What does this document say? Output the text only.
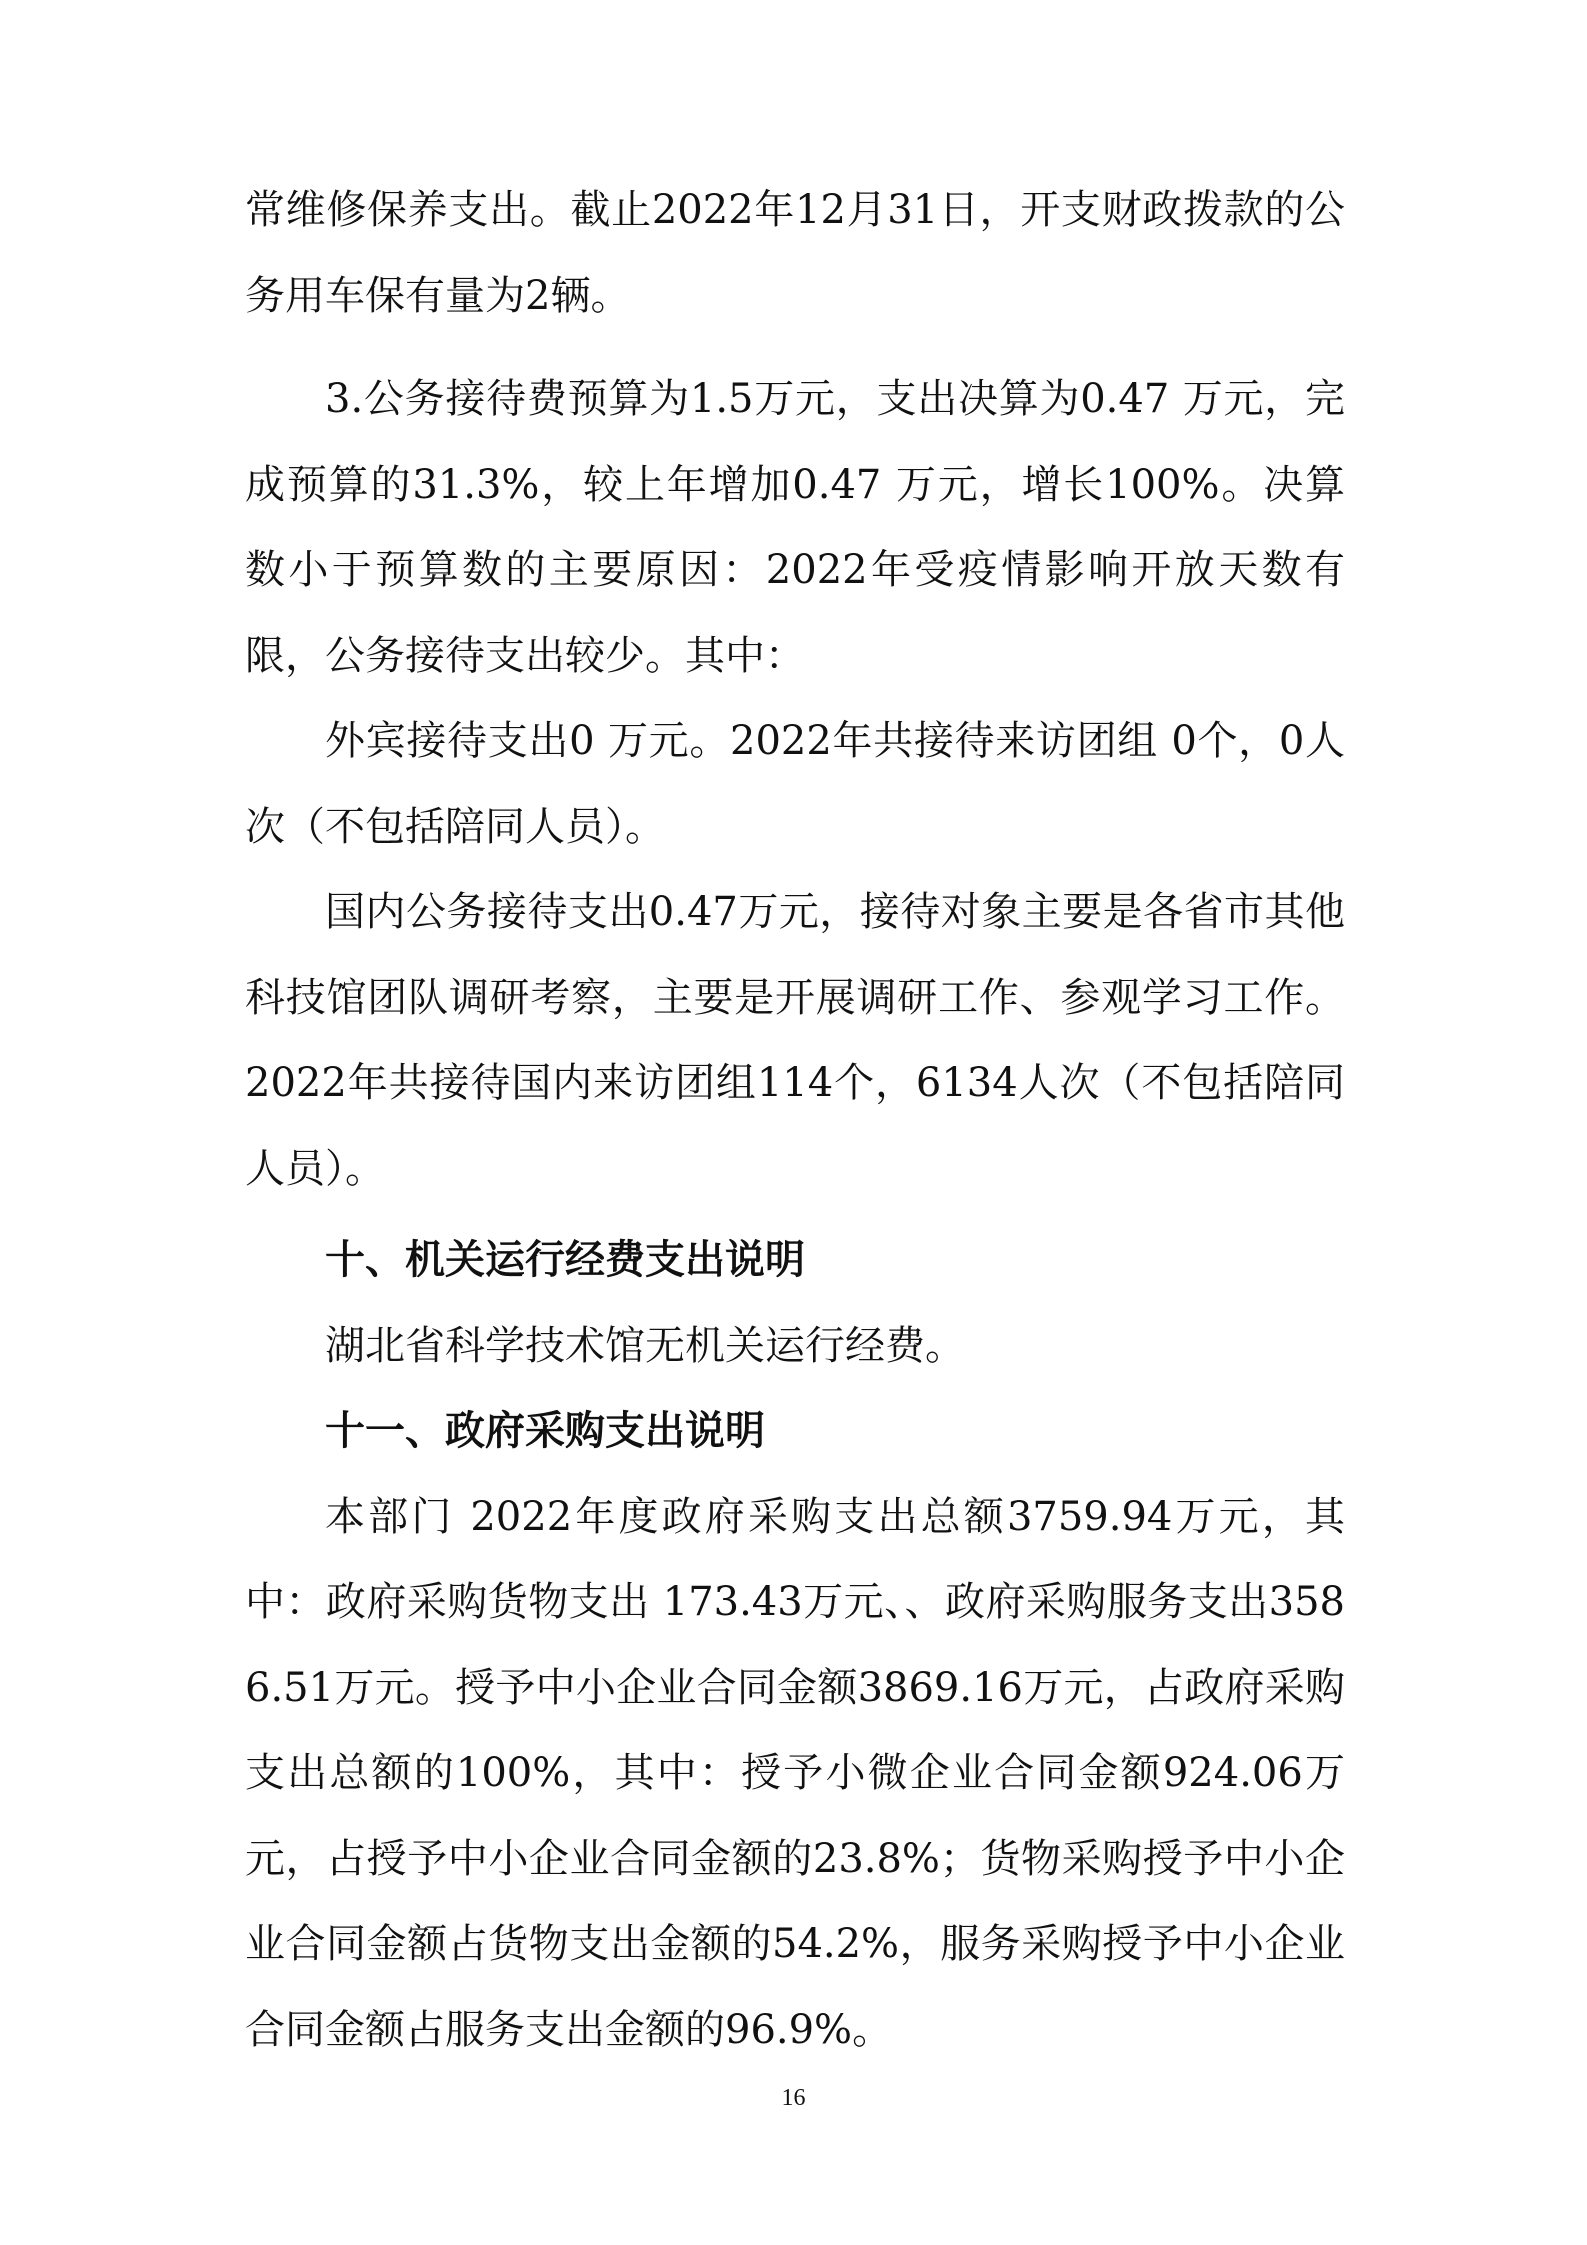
常维修保养支出。截止2022年12月31日，开支财政拨款的公务用车保有量为2辆。

3.公务接待费预算为1.5万元，支出决算为0.47 万元，完成预算的31.3%，较上年增加0.47 万元，增长100%。决算数小于预算数的主要原因：2022年受疫情影响开放天数有限，公务接待支出较少。其中：

外宾接待支出0 万元。2022年共接待来访团组 0个，0人次（不包括陪同人员）。

国内公务接待支出0.47万元，接待对象主要是各省市其他科技馆团队调研考察，主要是开展调研工作、参观学习工作。2022年共接待国内来访团组114个，6134人次（不包括陪同人员）。

十、机关运行经费支出说明

湖北省科学技术馆无机关运行经费。

十一、政府采购支出说明

本部门 2022年度政府采购支出总额3759.94万元，其中：政府采购货物支出 173.43万元、、政府采购服务支出3586.51万元。授予中小企业合同金额3869.16万元，占政府采购支出总额的100%，其中：授予小微企业合同金额924.06万元，占授予中小企业合同金额的23.8%；货物采购授予中小企业合同金额占货物支出金额的54.2%，服务采购授予中小企业合同金额占服务支出金额的96.9%。

16
